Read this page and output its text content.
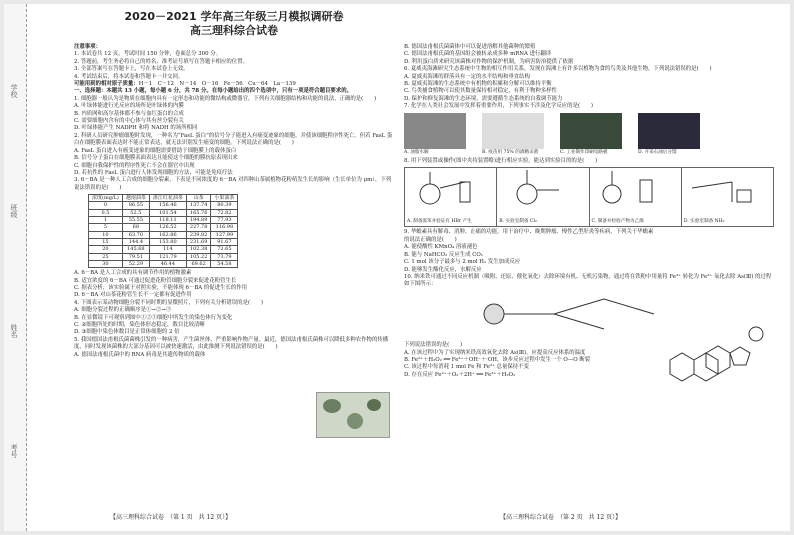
学校
班级
姓名
考号
2020－2021 学年高三年级三月模拟调研卷
高三理科综合试卷

注意事项：

1. 本试卷共 12 页，考试时间 150 分钟，卷面总分 300 分。

2. 答题前，考生务必将自己的姓名、准考证号填写在答题卡相应的位置。

3. 全部答案写在答题卡上，写在本试卷上无效。

4. 考试结束后，将本试卷和答题卡一并交回。

可能用到的相对原子质量：H－1　C－12　N－14　O－16　Fe－56　Cu－64　La－139

一、选择题：本题共 13 小题，每小题 6 分，共 78 分。在每小题给出的四个选项中，只有一项是符合题目要求的。

1. 细胞器一般认为是物质在细胞内具有一定形态和功能的微结构或微器官，下列有关细胞器结构和功能的说法，正确的是(　　)

A. 叶绿体能进行光反应的场所是叶绿体的内膜

B. 内质网和高尔基体都不参与血红蛋白的合成

C. 需要细胞内含有的中心体与其有丝分裂有关

D. 叶绿体能产生 NADPH 和将 NADH 的场所相同

2. 科研人员研究肿瘤细胞时发现，一种名为“FasL 蛋白”的信号分子能进入有癌变迹象的细胞，并使该细胞程序性死亡。但若 FasL 蛋白在细胞膜表面表达时不能正常表达，就无法识别发生癌变的细胞。下列说法正确的是(　　)

A. FasL 蛋白进入有癌变迹象的细胞需要借助于细胞膜上的载体蛋白

B. 信号分子蛋白在细胞膜表面表达且能使这个细胞的膜抗原表现出来

C. 细胞自我保护性的程序性死亡不会在器官中出现

D. 若抗性的 FasL 蛋白进行人体发现细胞的方法，可能是免疫疗法

3. 6－BA 是一种人工合成的细胞分裂素，下表是不同浓度的 6－BA 对四种山茶属植物花粉萌发生长的影响（生长单位为 μm），下列说法错误的是(　　)

浓度(mg/L)	越南油茶	浙江红花油茶	山茶	小果油茶
0	86.55	156.46	137.74	80.39
0.5	52.5	101.54	165.76	72.82
1	55.55	118.11	194.89	77.93
5	68	126.52	227.78	116.98
10	63.70	162.86	239.82	127.99
15	144.4	153.80	231.69	91.67
20	145.68	114	102.38	72.65
25	79.51	121.79	105.22	73.79
30	52.29	46.44	69.62	54.58

A. 6－BA 是人工合成的具有调节作用的植物激素

B. 适宜浓度的 6－BA 可通过促进花粉管细胞分裂来促进花粉管生长

C. 据表分析，该实验属于对照实验，不能体现 6－BA 的促进生长的作用

D. 6－BA 对山茶花粉管生长不一定都有促进作用

4. 下图表示某动物细胞分裂不同时期的显微照片，下列有关分析错误的是(　　)

A. 细胞分裂过程的正确顺序是①→②→③

B. 在显微镜下可观察到图中①②③细胞中所发生的染色体行为变化

C. ②细胞所处的时期，染色体形态稳定，数目比较清晰

D. ③细胞中染色体数目是正常体细胞的 2 倍

5. 我国德国法甫根氏菌菌株引发的一种病害，产生菌丝体，严重影响作物产量。最近，德国法甫根氏菌株可以降低多种农作物的传播度，同时发现该菌株的大部分基因可以被快速激活，由此推测下列说法错误的是(　　)

A. 德国法甫根氏菌中的 RNA 病毒是其遗传物质的载体

B. 德国法甫根氏菌菌体中可以促进溶解其他菌种的繁殖

C. 德国法甫根氏菌的基因组会被转录成多种 mRNA 进行翻译

D. 利用蛋白质来研究该菌株对作物的保护机制，为病害防治提供了依据

6. 夏威夷海滩研究生态系统中生物的相互作用关系，发现在海滩上有许多以植物为食的鸟类及其他生物，下列说法错误的是(　　)

A. 夏威夷海滩的群落具有一定的水平结构和垂直结构

B. 夏威夷海滩的生态系统中有机物的积累和分解可以维持平衡

C. 鸟类捕食植物可以使其数量保持相对稳定，有利于物种多样性

D. 保护和修复海滩的生态环境，需要遵循生态系统的自我调节能力

7. 化学在人类社会发展中发挥着重要作用，下列事实不涉及化学反应的是(　　)

A. 油脂水解	B. 疫苗用 75% 的酒精杀菌	C. 工业制作印刷电路板	D. 开采石油后分馏

8. 用下列装置或操作(图中夹持装置略)进行相应实验，能达到实验目的的是(　　)

A. 制备溴苯并验证有 HBr 产生	B. 实验室制备 Cl₂	C. 制备并检验产物为乙烯	D. 实验室制备 NH₃

9. 华蟾素具有解毒、消肿、止痛的功能，用于治疗中、晚期肿瘤、慢性乙型肝炎等疾病，下列关于华蟾素的说法正确的是(　　)

A. 能使酸性 KMnO₄ 溶液褪色

B. 能与 NaHCO₃ 反应生成 CO₂

C. 1 mol 该分子最多与 2 mol H₂ 发生加成反应

D. 能够发生酯化反应，水解反应

10. 纳米铁可通过不同反应机制（吸附、还原、催化氧化）去除环境有机、无机污染物，通过将在铁粉中用量将 Fe³⁺ 转化为 Fe²⁺ 氧化去除 As(Ⅲ) 的过程如下图所示：

下列说法错误的是(　　)

A. 在该过程中为了实现纳米铁高效氧化去除 As(Ⅲ)，应提高反应体系的温度

B. Fe²⁺＋H₂O₂ ══ Fe³⁺＋OH⁻＋·OH，该步反应过程中发生一个 O—O 断裂

C. 该过程中每消耗 1 mol Fe 和 Fe³⁺ 总量保持不变

D. 存在反应 Fe²⁺＋O₂＋2H⁺ ══ Fe³⁺＋H₂O₂

【高三理科综合试卷　（第 1 页　共 12 页）】	【高三理科综合试卷　（第 2 页　共 12 页）】
